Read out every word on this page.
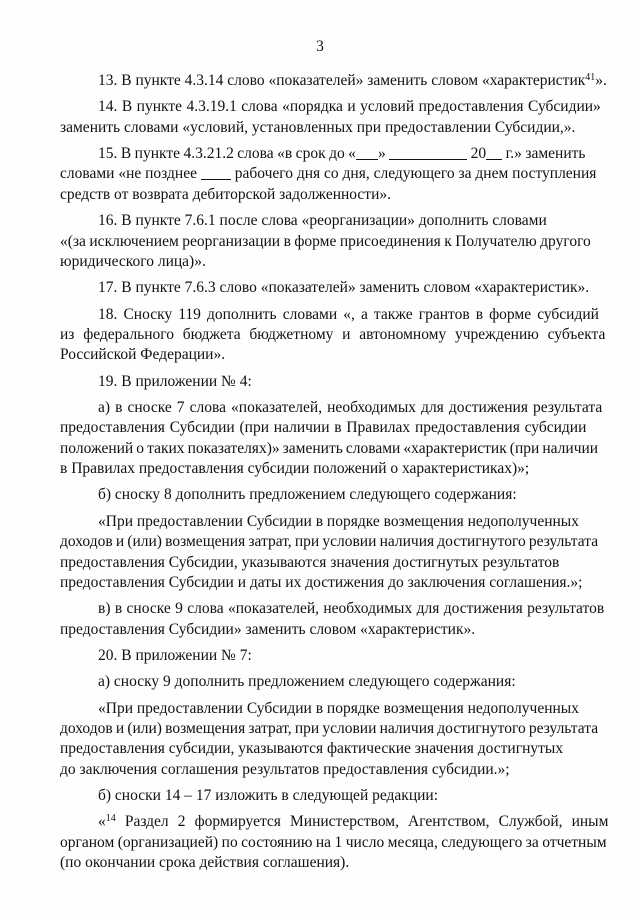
3

13. В пункте 4.3.14 слово «показателей» заменить словом «характеристик$^{41}$».

14. В пункте 4.3.19.1 слова «порядка и условий предоставления Субсидии»
заменить словами «условий, установленных при предоставлении Субсидии,».

15. В пункте 4.3.21.2 слова «в срок до « »	20 г.» заменить
словами «не позднее рабочего дня со дня, следующего за днем поступления
средств от возврата дебиторской задолженности».

16. В пункте 7.6.1 после слова «реорганизации» дополнить словами
«(за исключением реорганизации в форме присоединения к Получателю другого
юридического лица)».

17. В пункте 7.6.3 слово «показателей» заменить словом «характеристик».

18. Сноску 119 дополнить словами «, а также грантов в форме субсидий
из федерального бюджета бюджетному и автономному учреждению субъекта
Российской Федерации».

19. В приложении № 4:

а) в сноске 7 слова «показателей, необходимых для достижения результата
предоставления Субсидии (при наличии в Правилах предоставления субсидии
положений о таких показателях)» заменить словами «характеристик (при наличии
в Правилах предоставления субсидии положений о характеристиках)»;

б) сноску 8 дополнить предложением следующего содержания:

«При предоставлении Субсидии в порядке возмещения недополученных
доходов и (или) возмещения затрат, при условии наличия достигнутого результата
предоставления Субсидии, указываются значения достигнутых результатов
предоставления Субсидии и даты их достижения до заключения соглашения.»;

в) в сноске 9 слова «показателей, необходимых для достижения результатов
предоставления Субсидии» заменить словом «характеристик».

20. В приложении № 7:

а) сноску 9 дополнить предложением следующего содержания:

«При предоставлении Субсидии в порядке возмещения недополученных
доходов и (или) возмещения затрат, при условии наличия достигнутого результата
предоставления субсидии, указываются фактические значения достигнутых
до заключения соглашения результатов предоставления субсидии.»;

б) сноски 14 – 17 изложить в следующей редакции:

«$^{14}$ Раздел 2 формируется Министерством, Агентством, Службой, иным
органом (организацией) по состоянию на 1 число месяца, следующего за отчетным
(по окончании срока действия соглашения).
